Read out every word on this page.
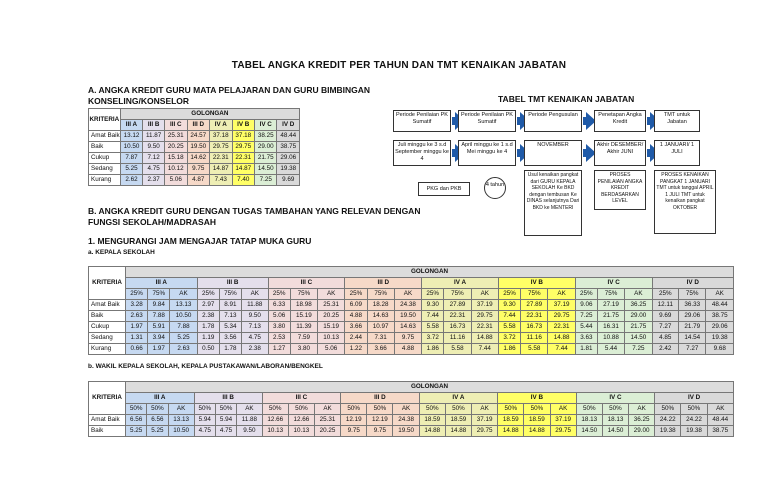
TABEL ANGKA KREDIT PER TAHUN DAN TMT KENAIKAN JABATAN
A. ANGKA KREDIT GURU MATA PELAJARAN DAN GURU BIMBINGAN
KONSELING/KONSELOR
KRITERIA	GOLONGAN							
	III A	III B	III C	III D	IV A	IV B	IV C	IV D
Amat Baik	13.12	11.87	25.31	24.57	37.18	37.18	38.25	48.44
Baik	10.50	9.50	20.25	19.50	29.75	29.75	29.00	38.75
Cukup	7.87	7.12	15.18	14.62	22.31	22.31	21.75	29.06
Sedang	5.25	4.75	10.12	9.75	14.87	14.87	14.50	19.38
Kurang	2.62	2.37	5.06	4.87	7.43	7.40	7.25	9.69
TABEL TMT KENAIKAN JABATAN
Periode Penilaian PK Sumatif
Juli minggu ke 3 s.d September minggu ke 4
Periode Penilaian PK Sumatif
April minggu ke 1 s.d Mei minggu ke 4
Periode Pengusulan
NOVEMBER
Penetapan Angka Kredit
Akhir DESEMBER/ Akhir JUNI
TMT untuk Jabatan
1 JANUARI/ 1 JULI
PKG dan PKB
4 tahun
Usul kenaikan pangkat dari GURU KEPALA SEKOLAH Ke BKD dengan tembusan Ke DINAS selanjutnya Dari BKD ke MENTERI
PROSES PENILAIAN ANGKA KREDIT BERDASARKAN LEVEL
PROSES KENAIKAN PANGKAT 1 JANUARI TMT untuk tanggal APRIL 1 JULI TMT untuk kenaikan pangkat OKTOBER
B. ANGKA KREDIT GURU DENGAN TUGAS TAMBAHAN YANG RELEVAN DENGAN
FUNGSI SEKOLAH/MADRASAH
1. MENGURANGI JAM MENGAJAR TATAP MUKA GURU
a. KEPALA SEKOLAH
KRITERIA	GOLONGAN																							
	III A			III B			III C			III D			IV A			IV B			IV C			IV D		
	25%	75%	AK	25%	75%	AK	25%	75%	AK	25%	75%	AK	25%	75%	AK	25%	75%	AK	25%	75%	AK	25%	75%	AK
Amat Baik	3.28	9.84	13.13	2.97	8.91	11.88	6.33	18.98	25.31	6.09	18.28	24.38	9.30	27.89	37.19	9.30	27.89	37.19	9.06	27.19	36.25	12.11	36.33	48.44
Baik	2.63	7.88	10.50	2.38	7.13	9.50	5.06	15.19	20.25	4.88	14.63	19.50	7.44	22.31	29.75	7.44	22.31	29.75	7.25	21.75	29.00	9.69	29.06	38.75
Cukup	1.97	5.91	7.88	1.78	5.34	7.13	3.80	11.39	15.19	3.66	10.97	14.63	5.58	16.73	22.31	5.58	16.73	22.31	5.44	16.31	21.75	7.27	21.79	29.06
Sedang	1.31	3.94	5.25	1.19	3.56	4.75	2.53	7.59	10.13	2.44	7.31	9.75	3.72	11.16	14.88	3.72	11.16	14.88	3.63	10.88	14.50	4.85	14.54	19.38
Kurang	0.66	1.97	2.63	0.50	1.78	2.38	1.27	3.80	5.06	1.22	3.66	4.88	1.86	5.58	7.44	1.86	5.58	7.44	1.81	5.44	7.25	2.42	7.27	9.68
b. WAKIL KEPALA SEKOLAH, KEPALA PUSTAKAWAN/LABORAN/BENGKEL
KRITERIA	GOLONGAN																							
	III A			III B			III C			III D			IV A			IV B			IV C			IV D		
	50%	50%	AK	50%	50%	AK	50%	50%	AK	50%	50%	AK	50%	50%	AK	50%	50%	AK	50%	50%	AK	50%	50%	AK
Amat Baik	6.56	6.56	13.13	5.94	5.94	11.88	12.66	12.66	25.31	12.19	12.19	24.38	18.59	18.59	37.19	18.59	18.59	37.19	18.13	18.13	36.25	24.22	24.22	48.44
Baik	5.25	5.25	10.50	4.75	4.75	9.50	10.13	10.13	20.25	9.75	9.75	19.50	14.88	14.88	29.75	14.88	14.88	29.75	14.50	14.50	29.00	19.38	19.38	38.75
